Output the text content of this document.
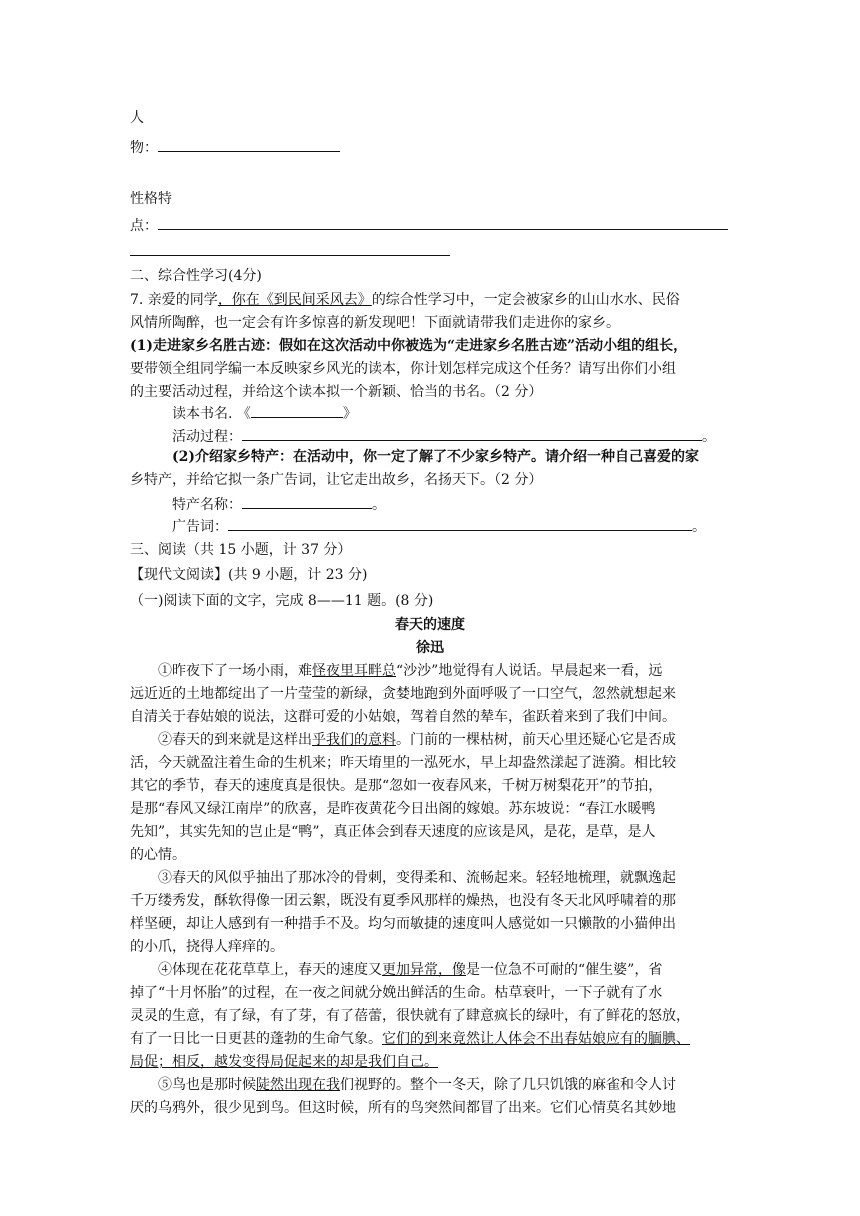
人
物：
性格特
点：
二、综合性学习(4分)
7. 亲爱的同学，你在《到民间采风去》的综合性学习中，一定会被家乡的山山水水、民俗
风情所陶醉，也一定会有许多惊喜的新发现吧！下面就请带我们走进你的家乡。
(1)走进家乡名胜古迹：假如在这次活动中你被选为“走进家乡名胜古迹”活动小组的组长，
要带领全组同学编一本反映家乡风光的读本，你计划怎样完成这个任务？请写出你们小组
的主要活动过程，并给这个读本拟一个新颖、恰当的书名。（2 分）
读本书名. 《	》
活动过程：	。
(2)介绍家乡特产：在活动中，你一定了解了不少家乡特产。请介绍一种自己喜爱的家
乡特产，并给它拟一条广告词，让它走出故乡，名扬天下。（2 分）
特产名称：	。
广告词：	。
三、阅读（共 15 小题，计 37 分）
【现代文阅读】(共 9 小题，计 23 分)
（一)阅读下面的文字，完成 8——11 题。(8 分)
春天的速度
徐迅
①昨夜下了一场小雨，难怪夜里耳畔总“沙沙”地觉得有人说话。早晨起来一看，远
远近近的土地都绽出了一片莹莹的新绿，贪婪地跑到外面呼吸了一口空气，忽然就想起来
自清关于春姑娘的说法，这群可爱的小姑娘，驾着自然的辇车，雀跃着来到了我们中间。
②春天的到来就是这样出乎我们的意料。门前的一棵枯树，前天心里还疑心它是否成
活，今天就盈注着生命的生机来；昨天堉里的一泓死水，早上却盎然漾起了涟漪。相比较
其它的季节，春天的速度真是很快。是那“忽如一夜春风来，千树万树梨花开”的节拍，
是那“春风又绿江南岸”的欣喜，是昨夜黄花今日出阁的嫁娘。苏东坡说：“春江水暖鸭
先知”，其实先知的岂止是“鸭”，真正体会到春天速度的应该是风，是花，是草，是人
的心情。
③春天的风似乎抽出了那冰冷的骨刺，变得柔和、流畅起来。轻轻地梳理，就飘逸起
千万缕秀发，酥软得像一团云絮，既没有夏季风那样的燥热，也没有冬天北风呼啸着的那
样坚硬，却让人感到有一种措手不及。均匀而敏捷的速度叫人感觉如一只懒散的小猫伸出
的小爪，挠得人痒痒的。
④体现在花花草草上，春天的速度又更加异常，像是一位急不可耐的“催生婆”，省
掉了“十月怀胎”的过程，在一夜之间就分娩出鲜活的生命。枯草衰叶，一下子就有了水
灵灵的生意，有了绿，有了芽，有了蓓蕾，很快就有了肆意疯长的绿叶，有了鲜花的怒放，
有了一日比一日更甚的蓬勃的生命气象。它们的到来竟然让人体会不出春姑娘应有的腼腆、
局促；相反，越发变得局促起来的却是我们自己。
⑤鸟也是那时候陡然出现在我们视野的。整个一冬天，除了几只饥饿的麻雀和令人讨
厌的乌鸦外，很少见到鸟。但这时候，所有的鸟突然间都冒了出来。它们心情莫名其妙地
